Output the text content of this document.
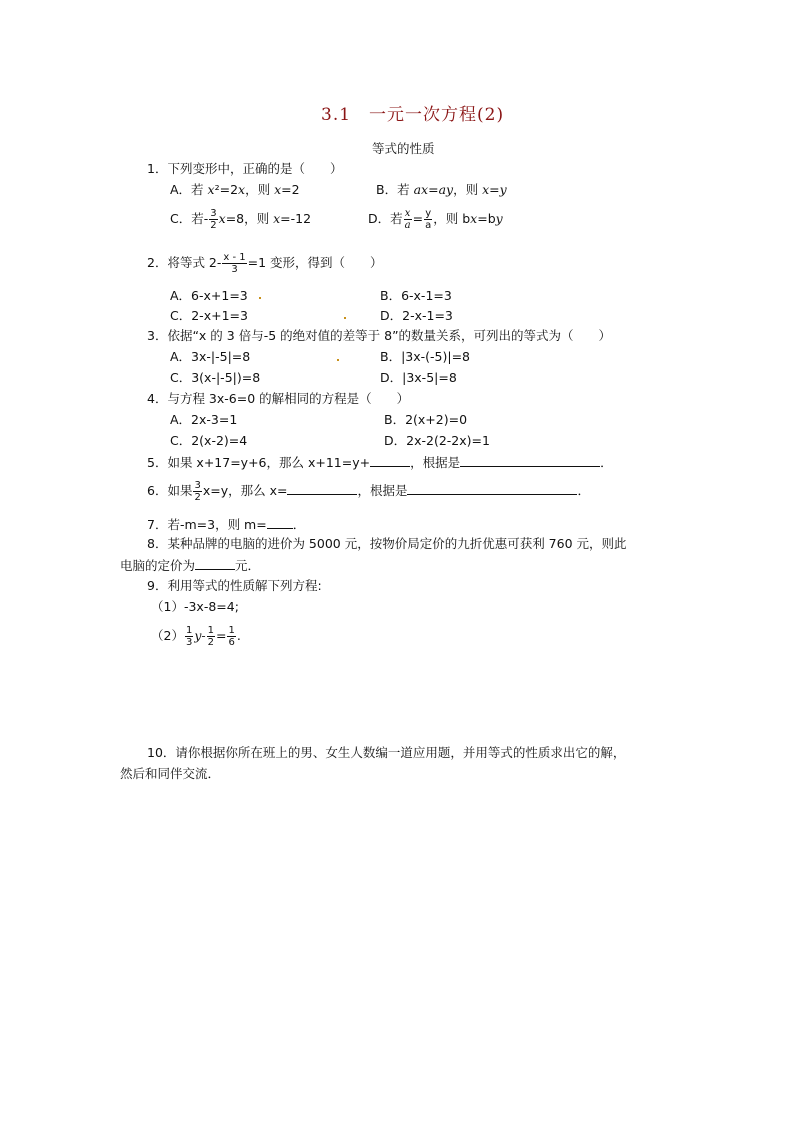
3.1　一元一次方程(2)
等式的性质
1．下列变形中，正确的是（　　）
A．若 x²=2x，则 x=2	B．若 ax=ay，则 x=y
C．若- $\frac{3}{2} x=8$，则 x=-12	D．若 $\frac{x}{a} = \frac{y}{a}$ ，则 bx=by
2．将等式 $2- \frac{x - 1}{3} =1$ 变形，得到（　　）
A．6-x+1=3	B．6-x-1=3
C．2-x+1=3	D．2-x-1=3
3．依据“x 的 3 倍与-5 的绝对值的差等于 8”的数量关系，可列出的等式为（　　）
A．3x-|-5|=8	B．|3x-(-5)|=8
C．3(x-|-5|)=8	D．|3x-5|=8
4．与方程 3x-6=0 的解相同的方程是（　　）
A．2x-3=1	B．2(x+2)=0
C．2(x-2)=4	D．2x-2(2-2x)=1
5．如果 x+17=y+6，那么 x+11=y+	，根据是	．
6．如果 $\frac{3}{2} x=y$，那么 x=	，根据是	．
7．若-m=3，则 m= ．
8．某种品牌的电脑的进价为 5000 元，按物价局定价的九折优惠可获利 760 元，则此
电脑的定价为	元．
9．利用等式的性质解下列方程:
（1）-3x-8=4;
$(2) \frac{1}{3} y- \frac{1}{2} = \frac{1}{6}$ .
10．请你根据你所在班上的男、女生人数编一道应用题，并用等式的性质求出它的解，
然后和同伴交流．
